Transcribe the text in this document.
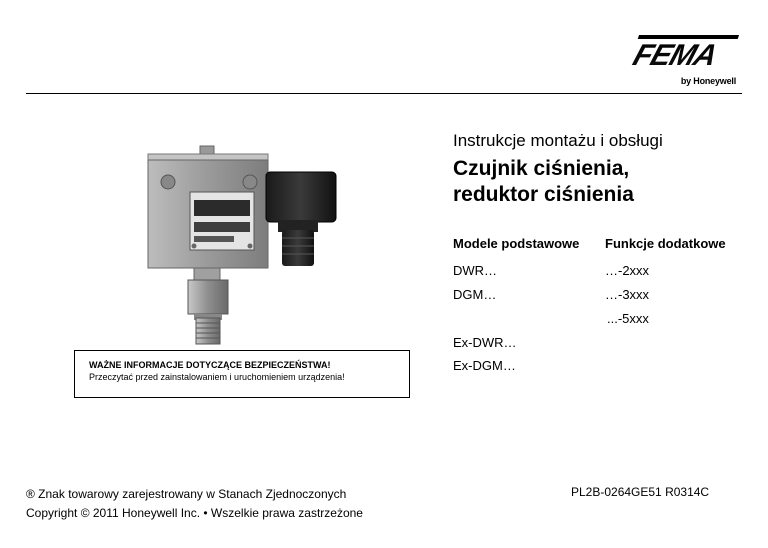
FEMA
by Honeywell
WAŻNE INFORMACJE DOTYCZĄCE BEZPIECZEŃSTWA!
Przeczytać przed zainstalowaniem i uruchomieniem urządzenia!
Instrukcje montażu i obsługi
Czujnik ciśnienia,
reduktor ciśnienia
Modele podstawowe Funkcje dodatkowe
DWR…
DGM…
Ex-DWR…
Ex-DGM…
…-2xxx
…-3xxx
...-5xxx
® Znak towarowy zarejestrowany w Stanach Zjednoczonych
Copyright © 2011 Honeywell Inc. • Wszelkie prawa zastrzeżone
PL2B-0264GE51 R0314C
